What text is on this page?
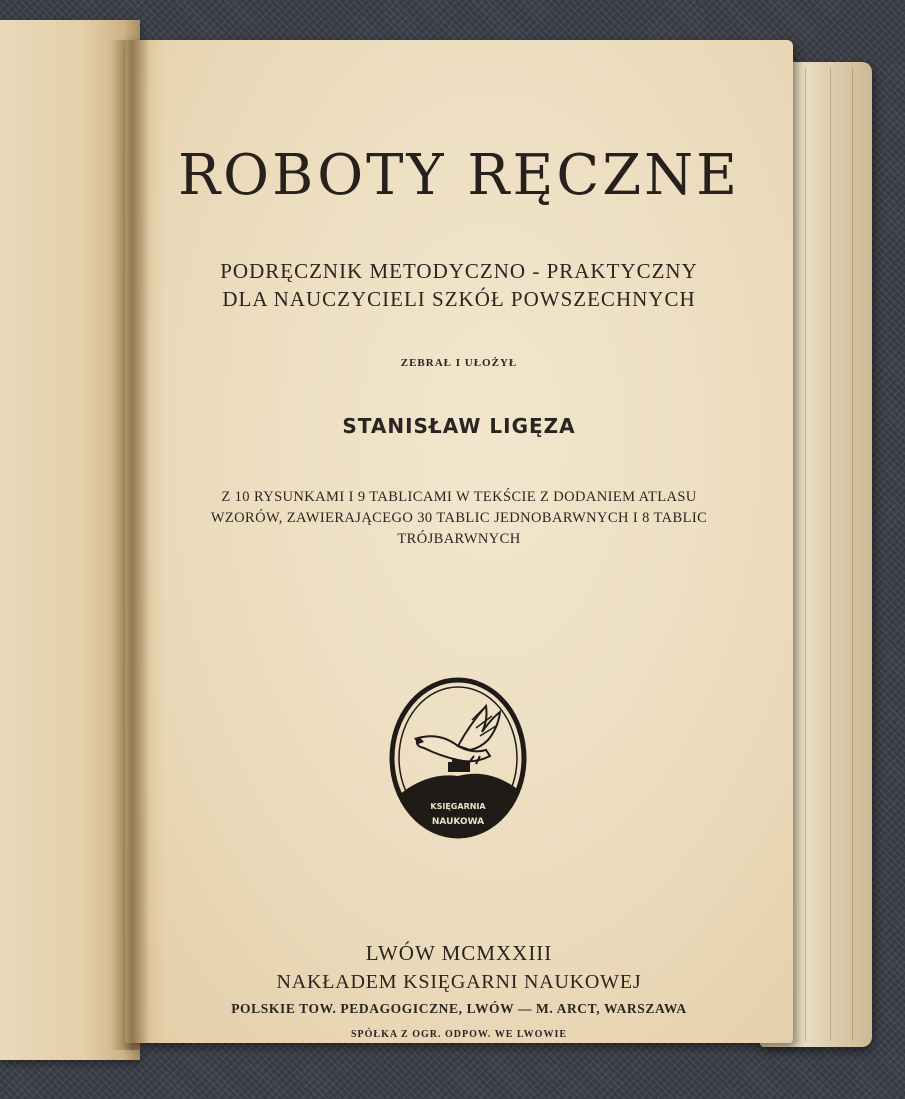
ROBOTY RĘCZNE
PODRĘCZNIK METODYCZNO - PRAKTYCZNY
DLA NAUCZYCIELI SZKÓŁ POWSZECHNYCH
ZEBRAŁ I UŁOŻYŁ
STANISŁAW LIGĘZA
Z 10 RYSUNKAMI I 9 TABLICAMI W TEKŚCIE Z DODANIEM ATLASU
WZORÓW, ZAWIERAJĄCEGO 30 TABLIC JEDNOBARWNYCH I 8 TABLIC
TRÓJBARWNYCH
KSIĘGARNIA
NAUKOWA
LWÓW MCMXXIII
NAKŁADEM KSIĘGARNI NAUKOWEJ
POLSKIE TOW. PEDAGOGICZNE, LWÓW — M. ARCT, WARSZAWA
SPÓŁKA Z OGR. ODPOW. WE LWOWIE
